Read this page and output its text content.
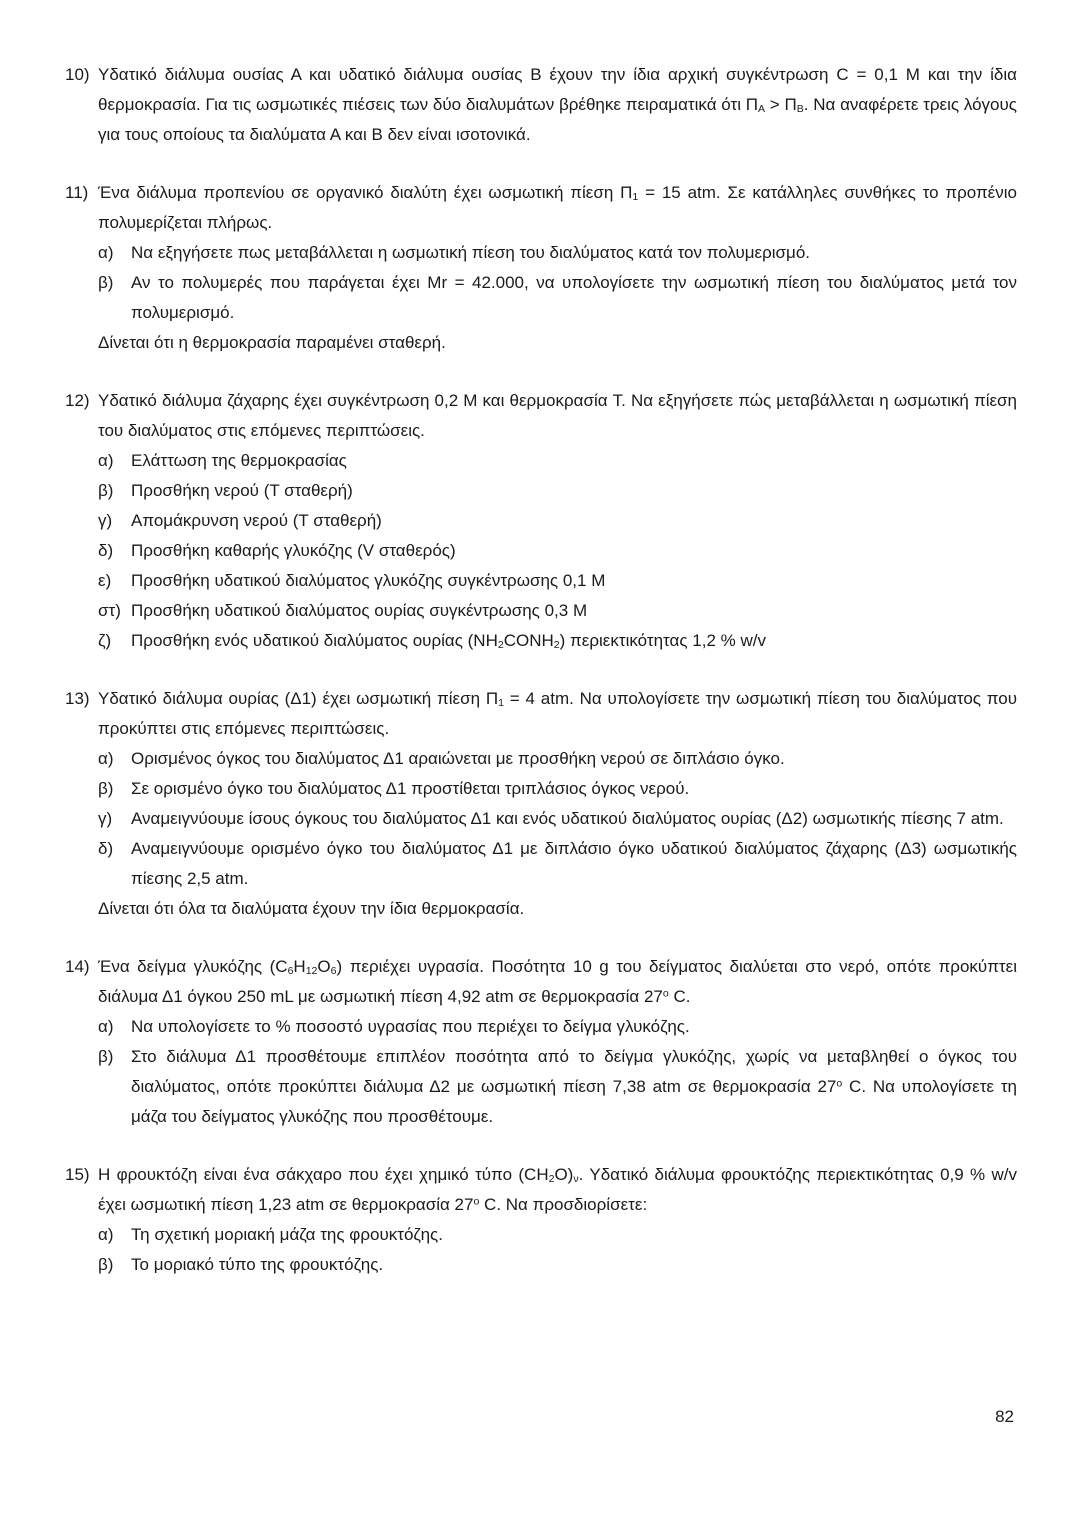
10) Υδατικό διάλυμα ουσίας Α και υδατικό διάλυμα ουσίας Β έχουν την ίδια αρχική συγκέντρωση C = 0,1 M και την ίδια θερμοκρασία. Για τις ωσμωτικές πιέσεις των δύο διαλυμάτων βρέθηκε πειραματικά ότι $\Pi_A > \Pi_B$. Να αναφέρετε τρεις λόγους για τους οποίους τα διαλύματα Α και Β δεν είναι ισοτονικά.

11) Ένα διάλυμα προπενίου σε οργανικό διαλύτη έχει ωσμωτική πίεση $\Pi_1 = 15$ atm. Σε κατάλληλες συνθήκες το προπένιο πολυμερίζεται πλήρως.

α)	Να εξηγήσετε πως μεταβάλλεται η ωσμωτική πίεση του διαλύματος κατά τον πολυμερισμό.

β)	Αν το πολυμερές που παράγεται έχει Mr = 42.000, να υπολογίσετε την ωσμωτική πίεση του διαλύματος μετά τον πολυμερισμό.

Δίνεται ότι η θερμοκρασία παραμένει σταθερή.

12) Υδατικό διάλυμα ζάχαρης έχει συγκέντρωση 0,2 M και θερμοκρασία T. Να εξηγήσετε πώς μεταβάλλεται η ωσμωτική πίεση του διαλύματος στις επόμενες περιπτώσεις.

α)	Ελάττωση της θερμοκρασίας

β)	Προσθήκη νερού (T σταθερή)

γ)	Απομάκρυνση νερού (T σταθερή)

δ)	Προσθήκη καθαρής γλυκόζης (V σταθερός)

ε)	Προσθήκη υδατικού διαλύματος γλυκόζης συγκέντρωσης 0,1 M

στ) Προσθήκη υδατικού διαλύματος ουρίας συγκέντρωσης 0,3 M

ζ)	Προσθήκη ενός υδατικού διαλύματος ουρίας $(NH_2CONH_2)$ περιεκτικότητας 1,2 % w/v

13) Υδατικό διάλυμα ουρίας (Δ1) έχει ωσμωτική πίεση $\Pi_1 = 4$ atm. Να υπολογίσετε την ωσμωτική πίεση του διαλύματος που προκύπτει στις επόμενες περιπτώσεις.

α)	Ορισμένος όγκος του διαλύματος Δ1 αραιώνεται με προσθήκη νερού σε διπλάσιο όγκο.

β)	Σε ορισμένο όγκο του διαλύματος Δ1 προστίθεται τριπλάσιος όγκος νερού.

γ)	Αναμειγνύουμε ίσους όγκους του διαλύματος Δ1 και ενός υδατικού διαλύματος ουρίας (Δ2) ωσμωτικής πίεσης 7 atm.

δ)	Αναμειγνύουμε ορισμένο όγκο του διαλύματος Δ1 με διπλάσιο όγκο υδατικού διαλύματος ζάχαρης (Δ3) ωσμωτικής πίεσης 2,5 atm.

Δίνεται ότι όλα τα διαλύματα έχουν την ίδια θερμοκρασία.

14) Ένα δείγμα γλυκόζης $(C_6H_{12}O_6)$ περιέχει υγρασία. Ποσότητα 10 g του δείγματος διαλύεται στο νερό, οπότε προκύπτει διάλυμα Δ1 όγκου 250 mL με ωσμωτική πίεση 4,92 atm σε θερμοκρασία 27$^o$ C.

α)	Να υπολογίσετε το % ποσοστό υγρασίας που περιέχει το δείγμα γλυκόζης.

β)	Στο διάλυμα Δ1 προσθέτουμε επιπλέον ποσότητα από το δείγμα γλυκόζης, χωρίς να μεταβληθεί ο όγκος του διαλύματος, οπότε προκύπτει διάλυμα Δ2 με ωσμωτική πίεση 7,38 atm σε θερμοκρασία 27$^o$ C. Να υπολογίσετε τη μάζα του δείγματος γλυκόζης που προσθέτουμε.

15) Η φρουκτόζη είναι ένα σάκχαρο που έχει χημικό τύπο $(CH_2O)_\nu$. Υδατικό διάλυμα φρουκτόζης περιεκτικότητας 0,9 % w/v έχει ωσμωτική πίεση 1,23 atm σε θερμοκρασία 27$^o$ C. Να προσδιορίσετε:

α)	Τη σχετική μοριακή μάζα της φρουκτόζης.

β)	Το μοριακό τύπο της φρουκτόζης.

82
